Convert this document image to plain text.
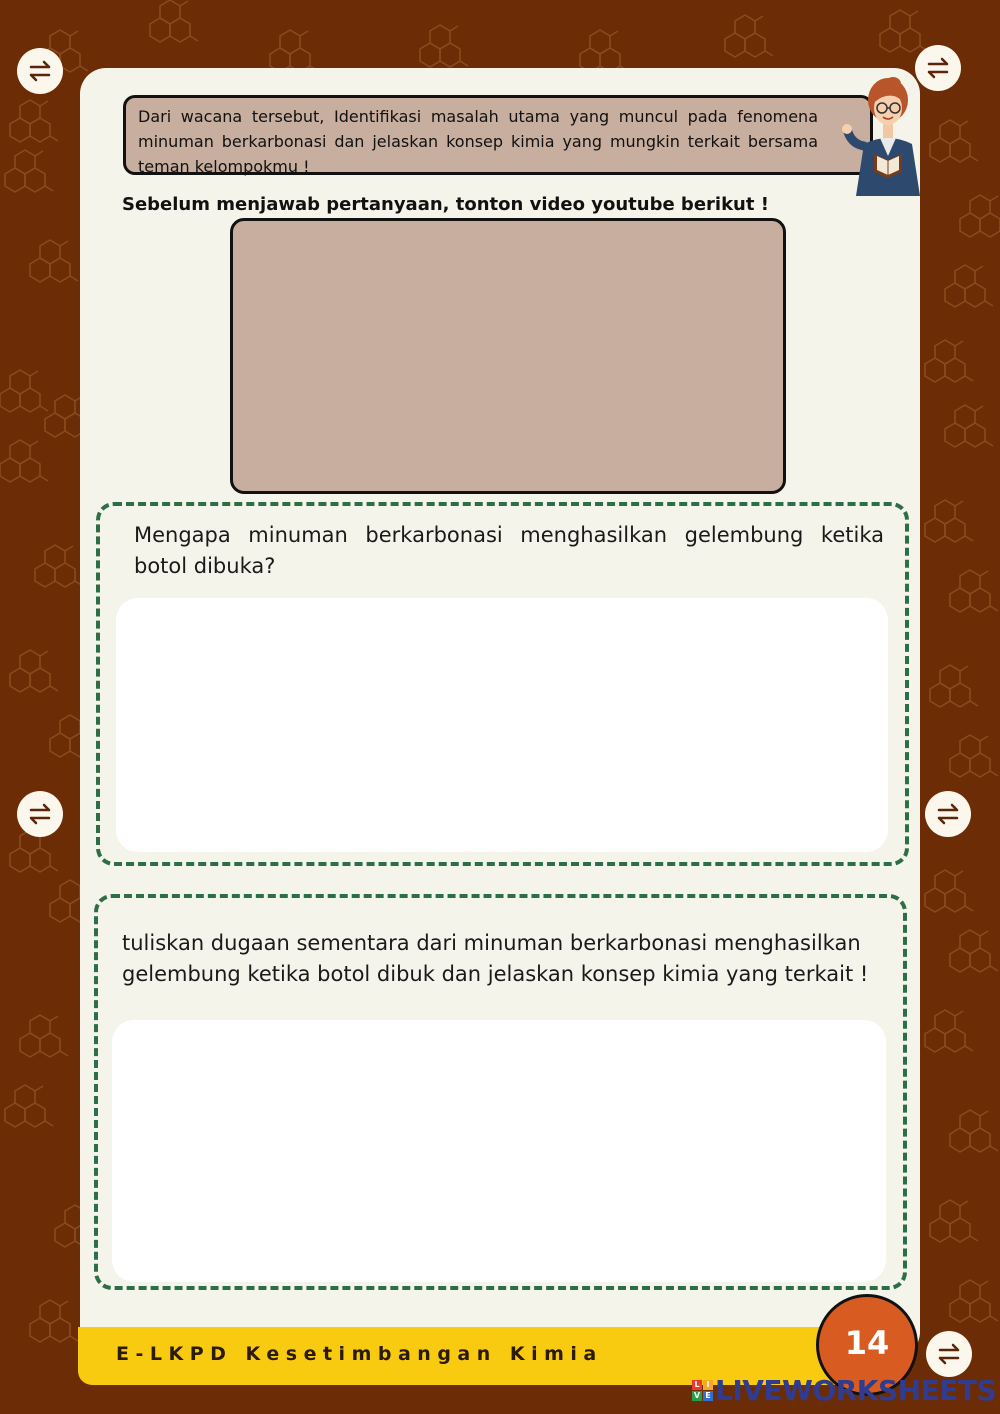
Dari wacana tersebut, Identifikasi masalah utama yang muncul pada fenomena minuman berkarbonasi dan jelaskan konsep kimia yang mungkin terkait bersama teman kelompokmu !
Sebelum menjawab pertanyaan, tonton video youtube berikut !
Mengapa minuman berkarbonasi menghasilkan gelembung ketika botol dibuka?
tuliskan dugaan sementara dari minuman berkarbonasi menghasilkan gelembung ketika botol dibuk dan jelaskan konsep kimia yang terkait !
E-LKPD Kesetimbangan Kimia	14
L I
V E LIVEWORKSHEETS
